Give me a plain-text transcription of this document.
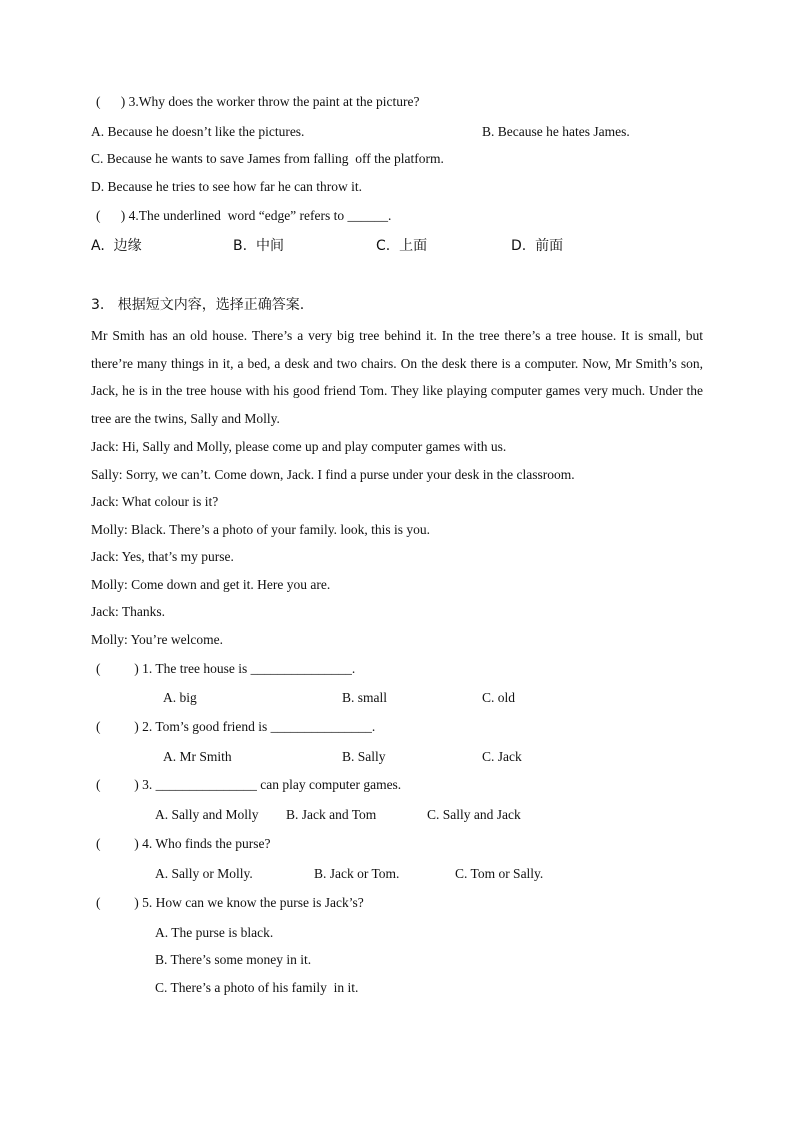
(      ) 3.Why does the worker throw the paint at the picture?
A. Because he doesn’t like the pictures.	B. Because he hates James.
C. Because he wants to save James from falling  off the platform.
D. Because he tries to see how far he can throw it.
(      ) 4.The underlined  word “edge” refers to ______.
A.  边缘	B.  中间	C.  上面	D.  前面
3.   根据短文内容，选择正确答案.
Mr Smith has an old house. There’s a very big tree behind it. In the tree there’s a tree house. It is small, but there’re many things in it, a bed, a desk and two chairs. On the desk there is a computer. Now, Mr Smith’s son, Jack, he is in the tree house with his good friend Tom. They like playing computer games very much. Under the tree are the twins, Sally and Molly.
Jack: Hi, Sally and Molly, please come up and play computer games with us.
Sally: Sorry, we can’t. Come down, Jack. I find a purse under your desk in the classroom.
Jack: What colour is it?
Molly: Black. There’s a photo of your family. look, this is you.
Jack: Yes, that’s my purse.
Molly: Come down and get it. Here you are.
Jack: Thanks.
Molly: You’re welcome.
(          ) 1. The tree house is _______________.
A. big	B. small	C. old
(          ) 2. Tom’s good friend is _______________.
A. Mr Smith	B. Sally	C. Jack
(          ) 3. _______________ can play computer games.
A. Sally and Molly B. Jack and Tom	C. Sally and Jack
(          ) 4. Who finds the purse?
A. Sally or Molly.	B. Jack or Tom.	C. Tom or Sally.
(          ) 5. How can we know the purse is Jack’s?
A. The purse is black.
B. There’s some money in it.
C. There’s a photo of his family  in it.
